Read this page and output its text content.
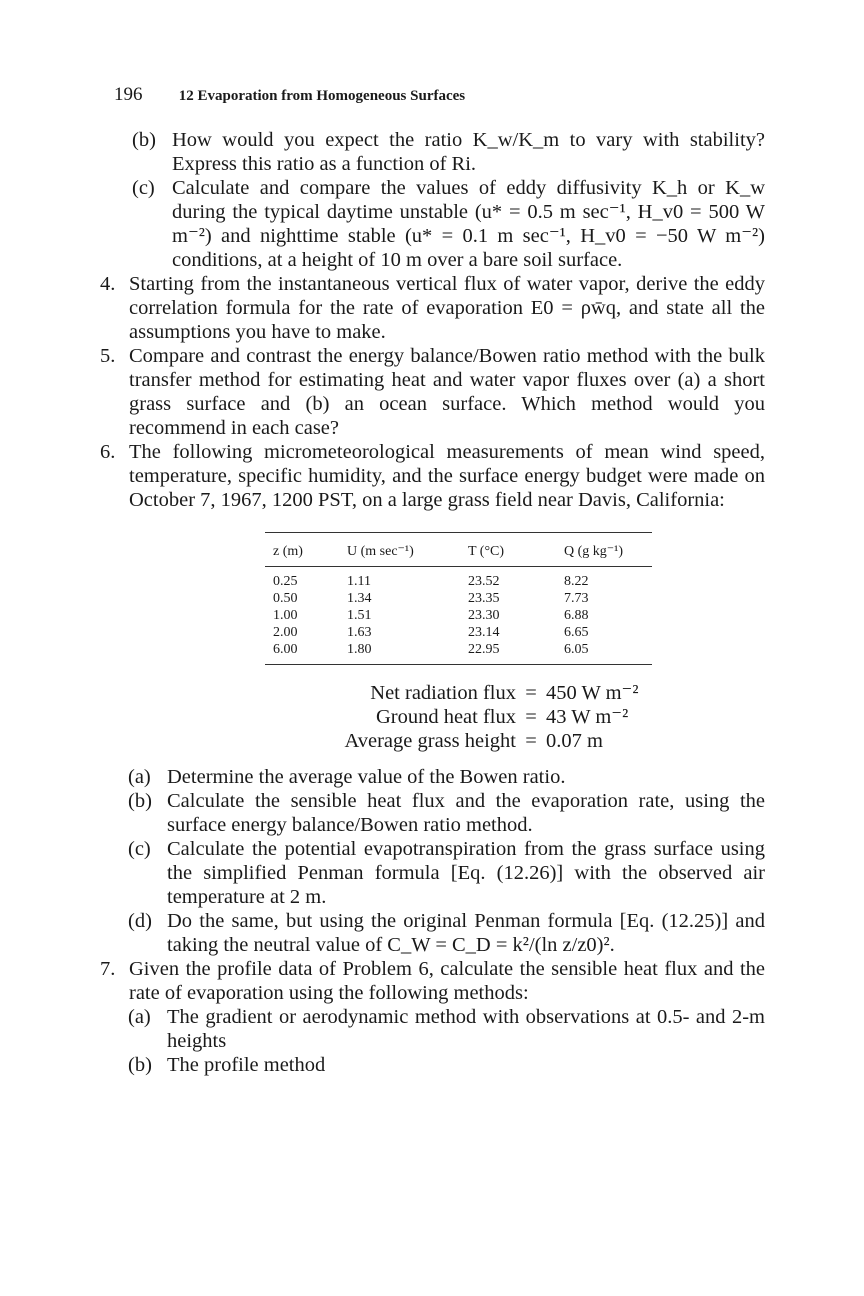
196 12 Evaporation from Homogeneous Surfaces
(b) How would you expect the ratio K_w/K_m to vary with stability? Express this ratio as a function of Ri.
(c) Calculate and compare the values of eddy diffusivity K_h or K_w during the typical daytime unstable (u* = 0.5 m sec⁻¹, H_v0 = 500 W m⁻²) and nighttime stable (u* = 0.1 m sec⁻¹, H_v0 = −50 W m⁻²) conditions, at a height of 10 m over a bare soil surface.
4. Starting from the instantaneous vertical flux of water vapor, derive the eddy correlation formula for the rate of evaporation E0 = ρw̄q, and state all the assumptions you have to make.
5. Compare and contrast the energy balance/Bowen ratio method with the bulk transfer method for estimating heat and water vapor fluxes over (a) a short grass surface and (b) an ocean surface. Which method would you recommend in each case?
6. The following micrometeorological measurements of mean wind speed, temperature, specific humidity, and the surface energy budget were made on October 7, 1967, 1200 PST, on a large grass field near Davis, California:
z (m)	U (m sec⁻¹)	T (°C)	Q (g kg⁻¹)
0.25	1.11	23.52	8.22
0.50	1.34	23.35	7.73
1.00	1.51	23.30	6.88
2.00	1.63	23.14	6.65
6.00	1.80	22.95	6.05
Net radiation flux = 450 W m⁻²
Ground heat flux = 43 W m⁻²
Average grass height = 0.07 m
(a) Determine the average value of the Bowen ratio.
(b) Calculate the sensible heat flux and the evaporation rate, using the surface energy balance/Bowen ratio method.
(c) Calculate the potential evapotranspiration from the grass surface using the simplified Penman formula [Eq. (12.26)] with the observed air temperature at 2 m.
(d) Do the same, but using the original Penman formula [Eq. (12.25)] and taking the neutral value of C_W = C_D = k²/(ln z/z0)².
7. Given the profile data of Problem 6, calculate the sensible heat flux and the rate of evaporation using the following methods:
(a) The gradient or aerodynamic method with observations at 0.5- and 2-m heights
(b) The profile method
